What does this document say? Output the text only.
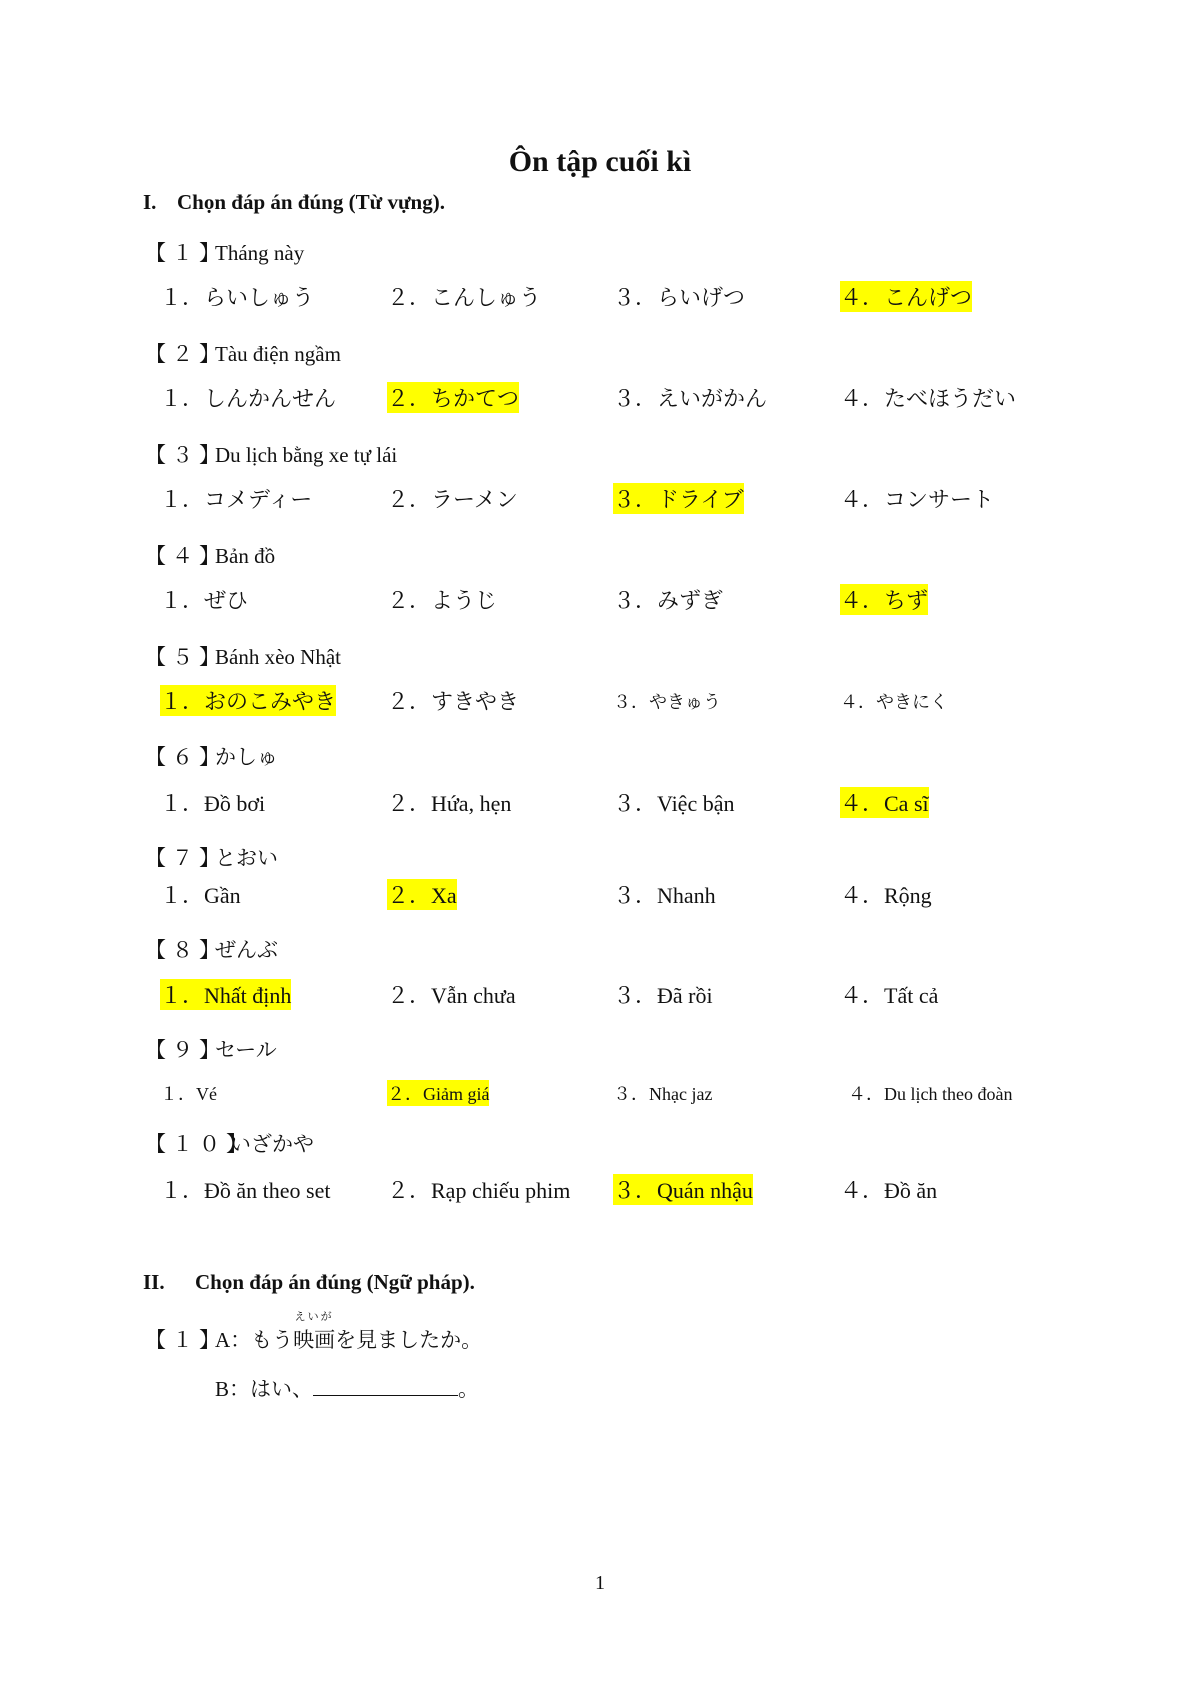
Ôn tập cuối kì
I. Chọn đáp án đúng (Từ vựng).
【１】Tháng này
１．らいしゅう	２．こんしゅう	３．らいげつ	４．こんげつ
【２】Tàu điện ngầm
１．しんかんせん ２．ちかてつ	３．えいがかん	４．たべほうだい
【３】Du lịch bằng xe tự lái
１．コメディー	２．ラーメン	３．ドライブ	４．コンサート
【４】Bản đồ
１．ぜひ	２．ようじ	３．みずぎ	４．ちず
【５】Bánh xèo Nhật
１．おのこみやき ２．すきやき	３．やきゅう	４．やきにく
【６】かしゅ
１．Đồ bơi	２．Hứa, hẹn	３．Việc bận	４．Ca sĩ
【７】とおい
１．Gần	２．Xa	３．Nhanh	４．Rộng
【８】ぜんぶ
１．Nhất định	２．Vẫn chưa	３．Đã rồi	４．Tất cả
【９】セール
１．Vé	２．Giảm giá	３．Nhạc jaz	４．Du lịch theo đoàn
【１０】いざかや
１．Đồ ăn theo set	２．Rạp chiếu phim ３．Quán nhậu	４．Đồ ăn
II. Chọn đáp án đúng (Ngữ pháp).
【１】A：もう
えいが
映画を見ましたか。
B：はい、	。
1
